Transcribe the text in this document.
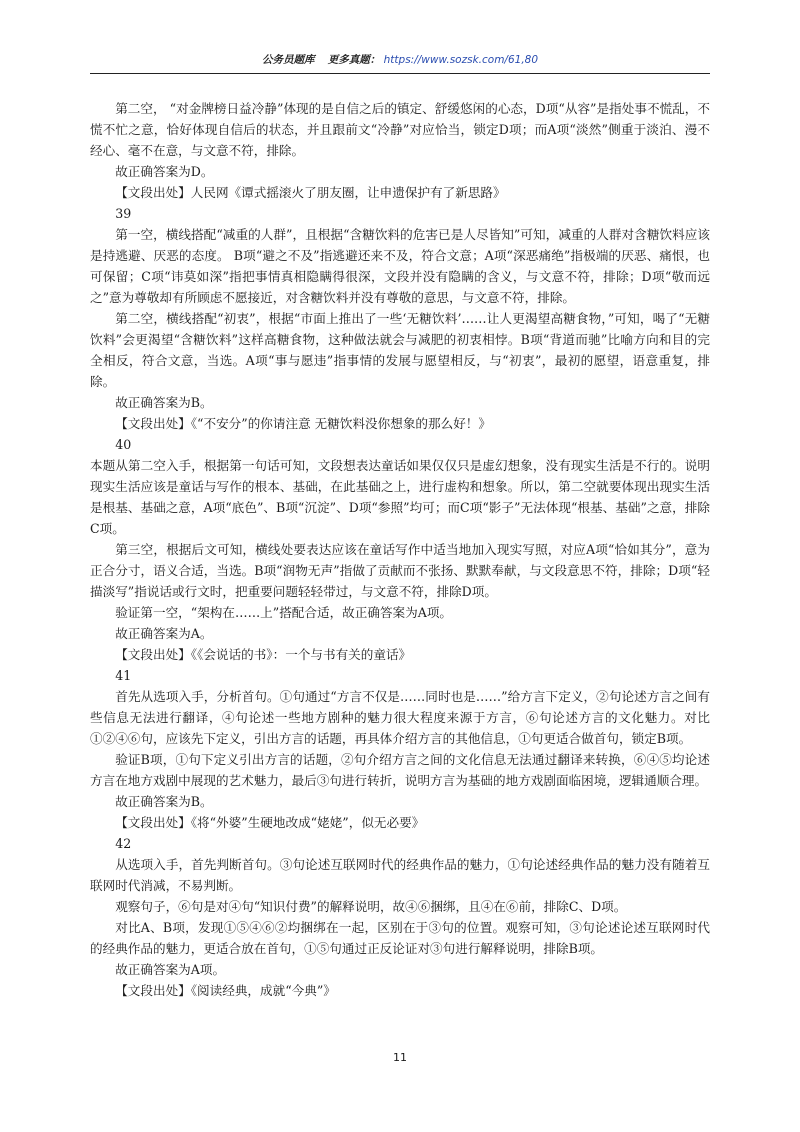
公务员题库 更多真题： https://www.sozsk.com/61,80

第二空， “对金牌榜日益冷静”体现的是自信之后的镇定、舒缓悠闲的心态，D项“从容”是指处事不慌乱，不慌不忙之意，恰好体现自信后的状态，并且跟前文“冷静”对应恰当，锁定D项；而A项“淡然”侧重于淡泊、漫不经心、毫不在意，与文意不符，排除。

故正确答案为D。

【文段出处】人民网《谭式摇滚火了朋友圈，让申遗保护有了新思路》

39

第一空，横线搭配“减重的人群”，且根据“含糖饮料的危害已是人尽皆知”可知，减重的人群对含糖饮料应该是持逃避、厌恶的态度。 B项“避之不及”指逃避还来不及，符合文意；A项“深恶痛绝”指极端的厌恶、痛恨，也可保留；C项“讳莫如深”指把事情真相隐瞒得很深，文段并没有隐瞒的含义，与文意不符，排除；D项“敬而远之”意为尊敬却有所顾虑不愿接近，对含糖饮料并没有尊敬的意思，与文意不符，排除。

第二空，横线搭配“初衷”，根据“市面上推出了一些‘无糖饮料’……让人更渴望高糖食物，”可知，喝了“无糖饮料”会更渴望“含糖饮料”这样高糖食物，这种做法就会与减肥的初衷相悖。B项“背道而驰”比喻方向和目的完全相反，符合文意，当选。A项“事与愿违”指事情的发展与愿望相反，与“初衷”，最初的愿望，语意重复，排除。

故正确答案为B。

【文段出处】《“不安分”的你请注意 无糖饮料没你想象的那么好！》

40

本题从第二空入手，根据第一句话可知，文段想表达童话如果仅仅只是虚幻想象，没有现实生活是不行的。说明现实生活应该是童话与写作的根本、基础，在此基础之上，进行虚构和想象。所以，第二空就要体现出现实生活是根基、基础之意，A项“底色”、B项“沉淀”、D项“参照”均可；而C项“影子”无法体现“根基、基础”之意，排除C项。

第三空，根据后文可知，横线处要表达应该在童话写作中适当地加入现实写照，对应A项“恰如其分”，意为正合分寸，语义合适，当选。B项“润物无声”指做了贡献而不张扬、默默奉献，与文段意思不符，排除；D项“轻描淡写”指说话或行文时，把重要问题轻轻带过，与文意不符，排除D项。

验证第一空，“架构在……上”搭配合适，故正确答案为A项。

故正确答案为A。

【文段出处】《《会说话的书》：一个与书有关的童话》

41

首先从选项入手，分析首句。①句通过“方言不仅是……同时也是……”给方言下定义，②句论述方言之间有些信息无法进行翻译，④句论述一些地方剧种的魅力很大程度来源于方言，⑥句论述方言的文化魅力。对比①②④⑥句，应该先下定义，引出方言的话题，再具体介绍方言的其他信息，①句更适合做首句，锁定B项。

验证B项，①句下定义引出方言的话题，②句介绍方言之间的文化信息无法通过翻译来转换，⑥④⑤均论述方言在地方戏剧中展现的艺术魅力，最后③句进行转折，说明方言为基础的地方戏剧面临困境，逻辑通顺合理。

故正确答案为B。

【文段出处】《将“外婆”生硬地改成“姥姥”，似无必要》

42

从选项入手，首先判断首句。③句论述互联网时代的经典作品的魅力，①句论述经典作品的魅力没有随着互联网时代消减，不易判断。

观察句子，⑥句是对④句“知识付费”的解释说明，故④⑥捆绑，且④在⑥前，排除C、D项。

对比A、B项，发现①⑤④⑥②均捆绑在一起，区别在于③句的位置。观察可知，③句论述论述互联网时代的经典作品的魅力，更适合放在首句，①⑤句通过正反论证对③句进行解释说明，排除B项。

故正确答案为A项。

【文段出处】《阅读经典，成就“今典”》

11
